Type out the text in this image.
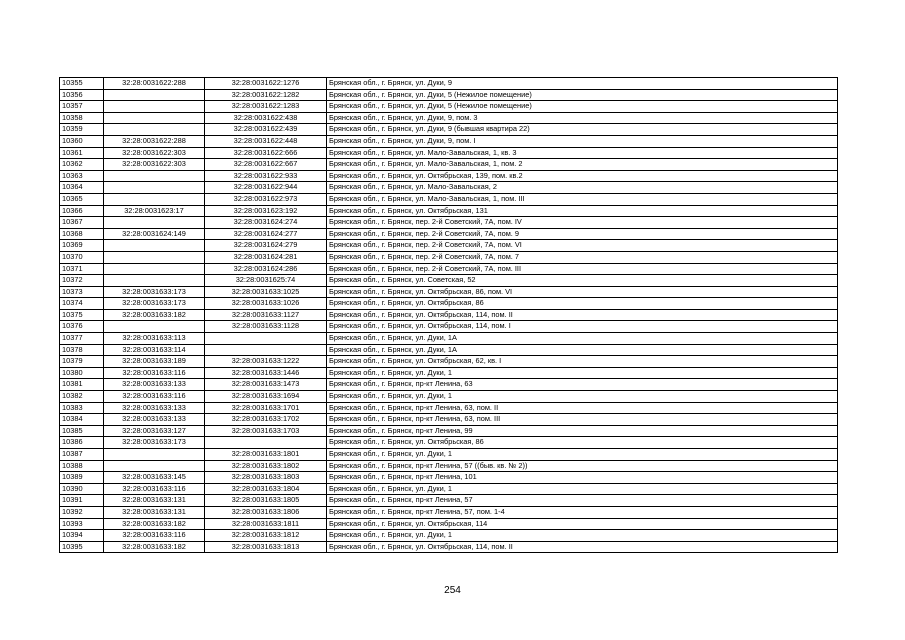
10355	32:28:0031622:288	32:28:0031622:1276	Брянская обл., г. Брянск, ул. Дуки, 9
10356		32:28:0031622:1282	Брянская обл., г. Брянск, ул. Дуки, 5 (Нежилое помещение)
10357		32:28:0031622:1283	Брянская обл., г. Брянск, ул. Дуки, 5 (Нежилое помещение)
10358		32:28:0031622:438	Брянская обл., г. Брянск, ул. Дуки, 9, пом. 3
10359		32:28:0031622:439	Брянская обл., г. Брянск, ул. Дуки, 9 (бывшая квартира 22)
10360	32:28:0031622:288	32:28:0031622:448	Брянская обл., г. Брянск, ул. Дуки, 9, пом. I
10361	32:28:0031622:303	32:28:0031622:666	Брянская обл., г. Брянск, ул. Мало-Завальская, 1, кв. 3
10362	32:28:0031622:303	32:28:0031622:667	Брянская обл., г. Брянск, ул. Мало-Завальская, 1, пом. 2
10363		32:28:0031622:933	Брянская обл., г. Брянск, ул. Октябрьская, 139, пом. кв.2
10364		32:28:0031622:944	Брянская обл., г. Брянск, ул. Мало-Завальская, 2
10365		32:28:0031622:973	Брянская обл., г. Брянск, ул. Мало-Завальская, 1, пом. III
10366	32:28:0031623:17	32:28:0031623:192	Брянская обл., г. Брянск, ул. Октябрьская, 131
10367		32:28:0031624:274	Брянская обл., г. Брянск, пер. 2-й Советский, 7А, пом. IV
10368	32:28:0031624:149	32:28:0031624:277	Брянская обл., г. Брянск, пер. 2-й Советский, 7А, пом. 9
10369		32:28:0031624:279	Брянская обл., г. Брянск, пер. 2-й Советский, 7А, пом. VI
10370		32:28:0031624:281	Брянская обл., г. Брянск, пер. 2-й Советский, 7А, пом. 7
10371		32:28:0031624:286	Брянская обл., г. Брянск, пер. 2-й Советский, 7А, пом. III
10372		32:28:0031625:74	Брянская обл., г. Брянск, ул. Советская, 52
10373	32:28:0031633:173	32:28:0031633:1025	Брянская обл., г. Брянск, ул. Октябрьская, 86, пом. VI
10374	32:28:0031633:173	32:28:0031633:1026	Брянская обл., г. Брянск, ул. Октябрьская, 86
10375	32:28:0031633:182	32:28:0031633:1127	Брянская обл., г. Брянск, ул. Октябрьская, 114, пом. II
10376		32:28:0031633:1128	Брянская обл., г. Брянск, ул. Октябрьская, 114, пом. I
10377	32:28:0031633:113		Брянская обл., г. Брянск, ул. Дуки, 1А
10378	32:28:0031633:114		Брянская обл., г. Брянск, ул. Дуки, 1А
10379	32:28:0031633:189	32:28:0031633:1222	Брянская обл., г. Брянск, ул. Октябрьская, 62, кв. I
10380	32:28:0031633:116	32:28:0031633:1446	Брянская обл., г. Брянск, ул. Дуки, 1
10381	32:28:0031633:133	32:28:0031633:1473	Брянская обл., г. Брянск, пр-кт Ленина, 63
10382	32:28:0031633:116	32:28:0031633:1694	Брянская обл., г. Брянск, ул. Дуки, 1
10383	32:28:0031633:133	32:28:0031633:1701	Брянская обл., г. Брянск, пр-кт Ленина, 63, пом. II
10384	32:28:0031633:133	32:28:0031633:1702	Брянская обл., г. Брянск, пр-кт Ленина, 63, пом. III
10385	32:28:0031633:127	32:28:0031633:1703	Брянская обл., г. Брянск, пр-кт Ленина, 99
10386	32:28:0031633:173		Брянская обл., г. Брянск, ул. Октябрьская, 86
10387		32:28:0031633:1801	Брянская обл., г. Брянск, ул. Дуки, 1
10388		32:28:0031633:1802	Брянская обл., г. Брянск, пр-кт Ленина, 57 ((быв. кв. № 2))
10389	32:28:0031633:145	32:28:0031633:1803	Брянская обл., г. Брянск, пр-кт Ленина, 101
10390	32:28:0031633:116	32:28:0031633:1804	Брянская обл., г. Брянск, ул. Дуки, 1
10391	32:28:0031633:131	32:28:0031633:1805	Брянская обл., г. Брянск, пр-кт Ленина, 57
10392	32:28:0031633:131	32:28:0031633:1806	Брянская обл., г. Брянск, пр-кт Ленина, 57, пом. 1-4
10393	32:28:0031633:182	32:28:0031633:1811	Брянская обл., г. Брянск, ул. Октябрьская, 114
10394	32:28:0031633:116	32:28:0031633:1812	Брянская обл., г. Брянск, ул. Дуки, 1
10395	32:28:0031633:182	32:28:0031633:1813	Брянская обл., г. Брянск, ул. Октябрьская, 114, пом. II
254
